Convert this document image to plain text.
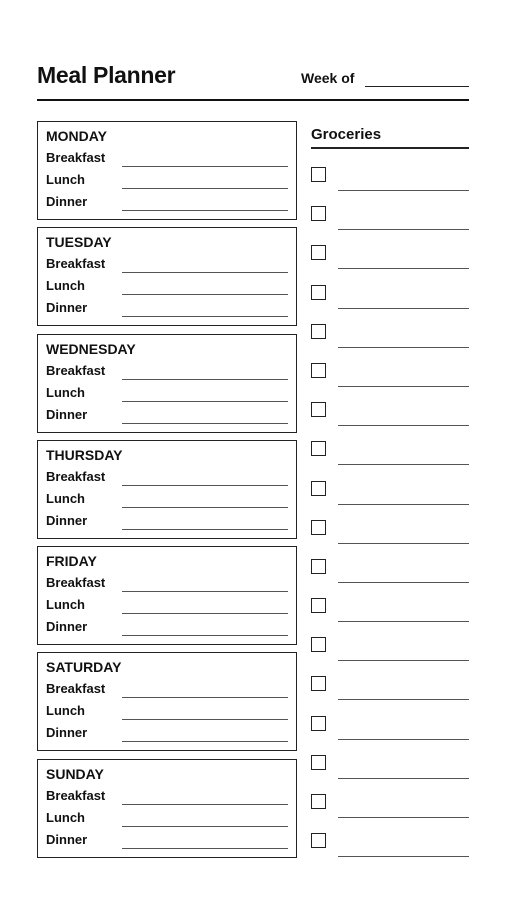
Meal Planner	Week of
MONDAY
Breakfast
Lunch
Dinner
TUESDAY
Breakfast
Lunch
Dinner
WEDNESDAY
Breakfast
Lunch
Dinner
THURSDAY
Breakfast
Lunch
Dinner
FRIDAY
Breakfast
Lunch
Dinner
SATURDAY
Breakfast
Lunch
Dinner
SUNDAY
Breakfast
Lunch
Dinner
Groceries
